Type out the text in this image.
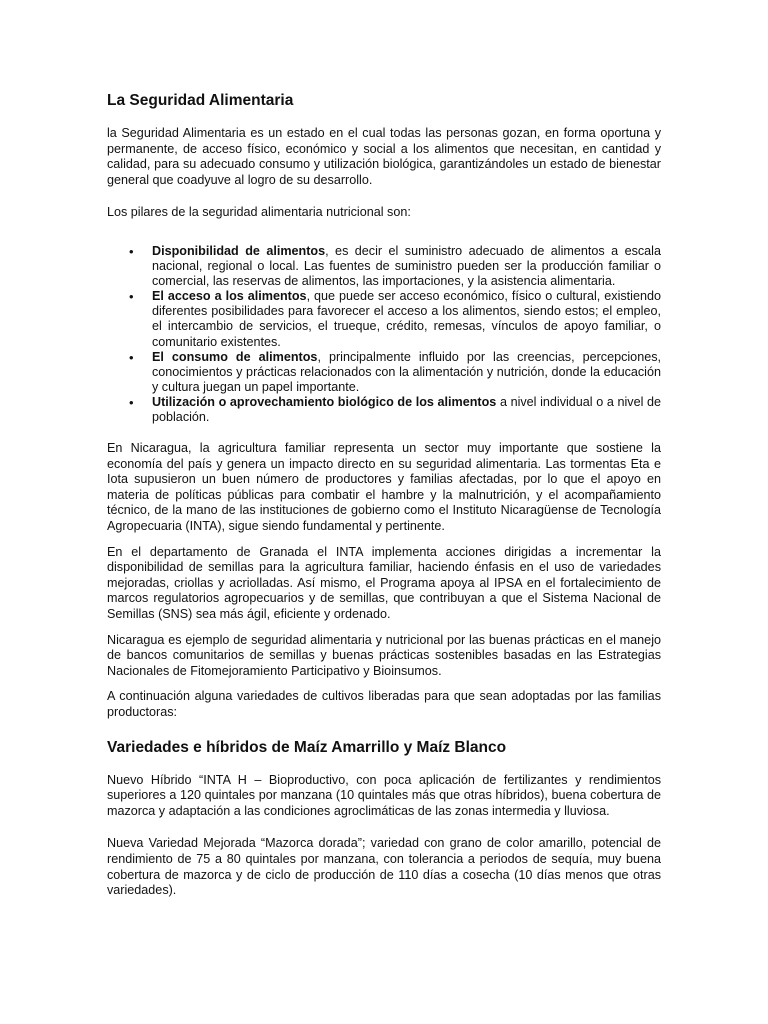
La Seguridad Alimentaria

la Seguridad Alimentaria es un estado en el cual todas las personas gozan, en forma oportuna y permanente, de acceso físico, económico y social a los alimentos que necesitan, en cantidad y calidad, para su adecuado consumo y utilización biológica, garantizándoles un estado de bienestar general que coadyuve al logro de su desarrollo.

Los pilares de la seguridad alimentaria nutricional son:

• Disponibilidad de alimentos, es decir el suministro adecuado de alimentos a escala nacional, regional o local. Las fuentes de suministro pueden ser la producción familiar o comercial, las reservas de alimentos, las importaciones, y la asistencia alimentaria.
• El acceso a los alimentos, que puede ser acceso económico, físico o cultural, existiendo diferentes posibilidades para favorecer el acceso a los alimentos, siendo estos; el empleo, el intercambio de servicios, el trueque, crédito, remesas, vínculos de apoyo familiar, o comunitario existentes.
• El consumo de alimentos, principalmente influido por las creencias, percepciones, conocimientos y prácticas relacionados con la alimentación y nutrición, donde la educación y cultura juegan un papel importante.
• Utilización o aprovechamiento biológico de los alimentos a nivel individual o a nivel de población.

En Nicaragua, la agricultura familiar representa un sector muy importante que sostiene la economía del país y genera un impacto directo en su seguridad alimentaria. Las tormentas Eta e Iota supusieron un buen número de productores y familias afectadas, por lo que el apoyo en materia de políticas públicas para combatir el hambre y la malnutrición, y el acompañamiento técnico, de la mano de las instituciones de gobierno como el Instituto Nicaragüense de Tecnología Agropecuaria (INTA), sigue siendo fundamental y pertinente.

En el departamento de Granada el INTA implementa acciones dirigidas a incrementar la disponibilidad de semillas para la agricultura familiar, haciendo énfasis en el uso de variedades mejoradas, criollas y acriolladas. Así mismo, el Programa apoya al IPSA en el fortalecimiento de marcos regulatorios agropecuarios y de semillas, que contribuyan a que el Sistema Nacional de Semillas (SNS) sea más ágil, eficiente y ordenado.

Nicaragua es ejemplo de seguridad alimentaria y nutricional por las buenas prácticas en el manejo de bancos comunitarios de semillas y buenas prácticas sostenibles basadas en las Estrategias Nacionales de Fitomejoramiento Participativo y Bioinsumos.

A continuación alguna variedades de cultivos liberadas para que sean adoptadas por las familias productoras:

Variedades e híbridos de Maíz Amarrillo y Maíz Blanco

Nuevo Híbrido “INTA H – Bioproductivo, con poca aplicación de fertilizantes y rendimientos superiores a 120 quintales por manzana (10 quintales más que otras híbridos), buena cobertura de mazorca y adaptación a las condiciones agroclimáticas de las zonas intermedia y lluviosa.

Nueva Variedad Mejorada “Mazorca dorada”; variedad con grano de color amarillo, potencial de rendimiento de 75 a 80 quintales por manzana, con tolerancia a periodos de sequía, muy buena cobertura de mazorca y de ciclo de producción de 110 días a cosecha (10 días menos que otras variedades).
